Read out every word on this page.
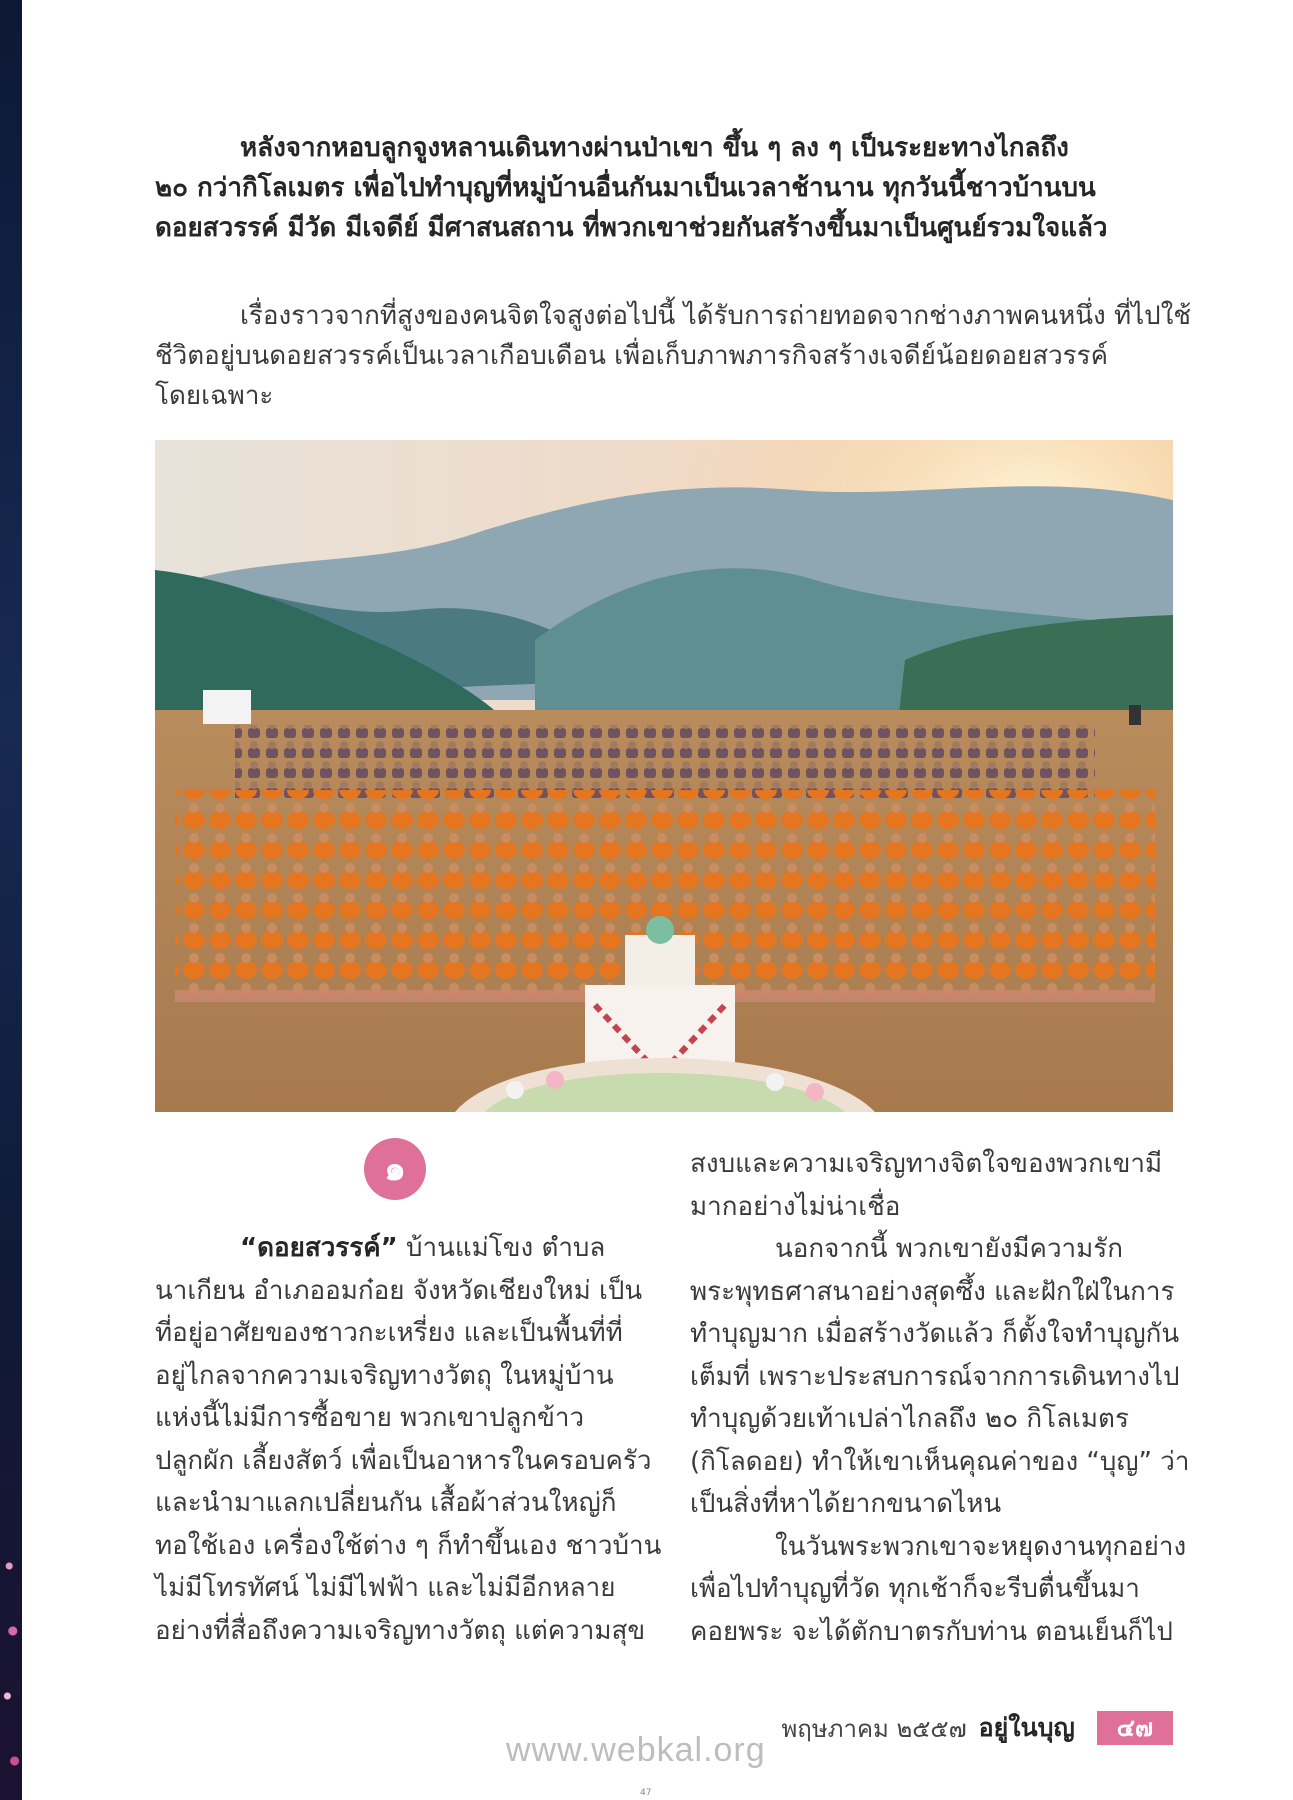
หลังจากหอบลูกจูงหลานเดินทางผ่านป่าเขา ขึ้น ๆ ลง ๆ เป็นระยะทางไกลถึง
๒๐ กว่ากิโลเมตร เพื่อไปทำบุญที่หมู่บ้านอื่นกันมาเป็นเวลาช้านาน ทุกวันนี้ชาวบ้านบน
ดอยสวรรค์ มีวัด มีเจดีย์ มีศาสนสถาน ที่พวกเขาช่วยกันสร้างขึ้นมาเป็นศูนย์รวมใจแล้ว

เรื่องราวจากที่สูงของคนจิตใจสูงต่อไปนี้ ได้รับการถ่ายทอดจากช่างภาพคนหนึ่ง ที่ไปใช้
ชีวิตอยู่บนดอยสวรรค์เป็นเวลาเกือบเดือน เพื่อเก็บภาพภารกิจสร้างเจดีย์น้อยดอยสวรรค์
โดยเฉพาะ

๑

“ดอยสวรรค์” บ้านแม่โขง ตำบล
นาเกียน อำเภออมก๋อย จังหวัดเชียงใหม่ เป็น
ที่อยู่อาศัยของชาวกะเหรี่ยง และเป็นพื้นที่ที่
อยู่ไกลจากความเจริญทางวัตถุ ในหมู่บ้าน
แห่งนี้ไม่มีการซื้อขาย พวกเขาปลูกข้าว
ปลูกผัก เลี้ยงสัตว์ เพื่อเป็นอาหารในครอบครัว
และนำมาแลกเปลี่ยนกัน เสื้อผ้าส่วนใหญ่ก็
ทอใช้เอง เครื่องใช้ต่าง ๆ ก็ทำขึ้นเอง ชาวบ้าน
ไม่มีโทรทัศน์ ไม่มีไฟฟ้า และไม่มีอีกหลาย
อย่างที่สื่อถึงความเจริญทางวัตถุ แต่ความสุข

สงบและความเจริญทางจิตใจของพวกเขามี
มากอย่างไม่น่าเชื่อ
นอกจากนี้ พวกเขายังมีความรัก
พระพุทธศาสนาอย่างสุดซึ้ง และฝักใฝ่ในการ
ทำบุญมาก เมื่อสร้างวัดแล้ว ก็ตั้งใจทำบุญกัน
เต็มที่ เพราะประสบการณ์จากการเดินทางไป
ทำบุญด้วยเท้าเปล่าไกลถึง ๒๐ กิโลเมตร
(กิโลดอย) ทำให้เขาเห็นคุณค่าของ “บุญ” ว่า
เป็นสิ่งที่หาได้ยากขนาดไหน
ในวันพระพวกเขาจะหยุดงานทุกอย่าง
เพื่อไปทำบุญที่วัด ทุกเช้าก็จะรีบตื่นขึ้นมา
คอยพระ จะได้ตักบาตรกับท่าน ตอนเย็นก็ไป

พฤษภาคม ๒๕๕๗ อยู่ในบุญ	๔๗
www.webkal.org
47
